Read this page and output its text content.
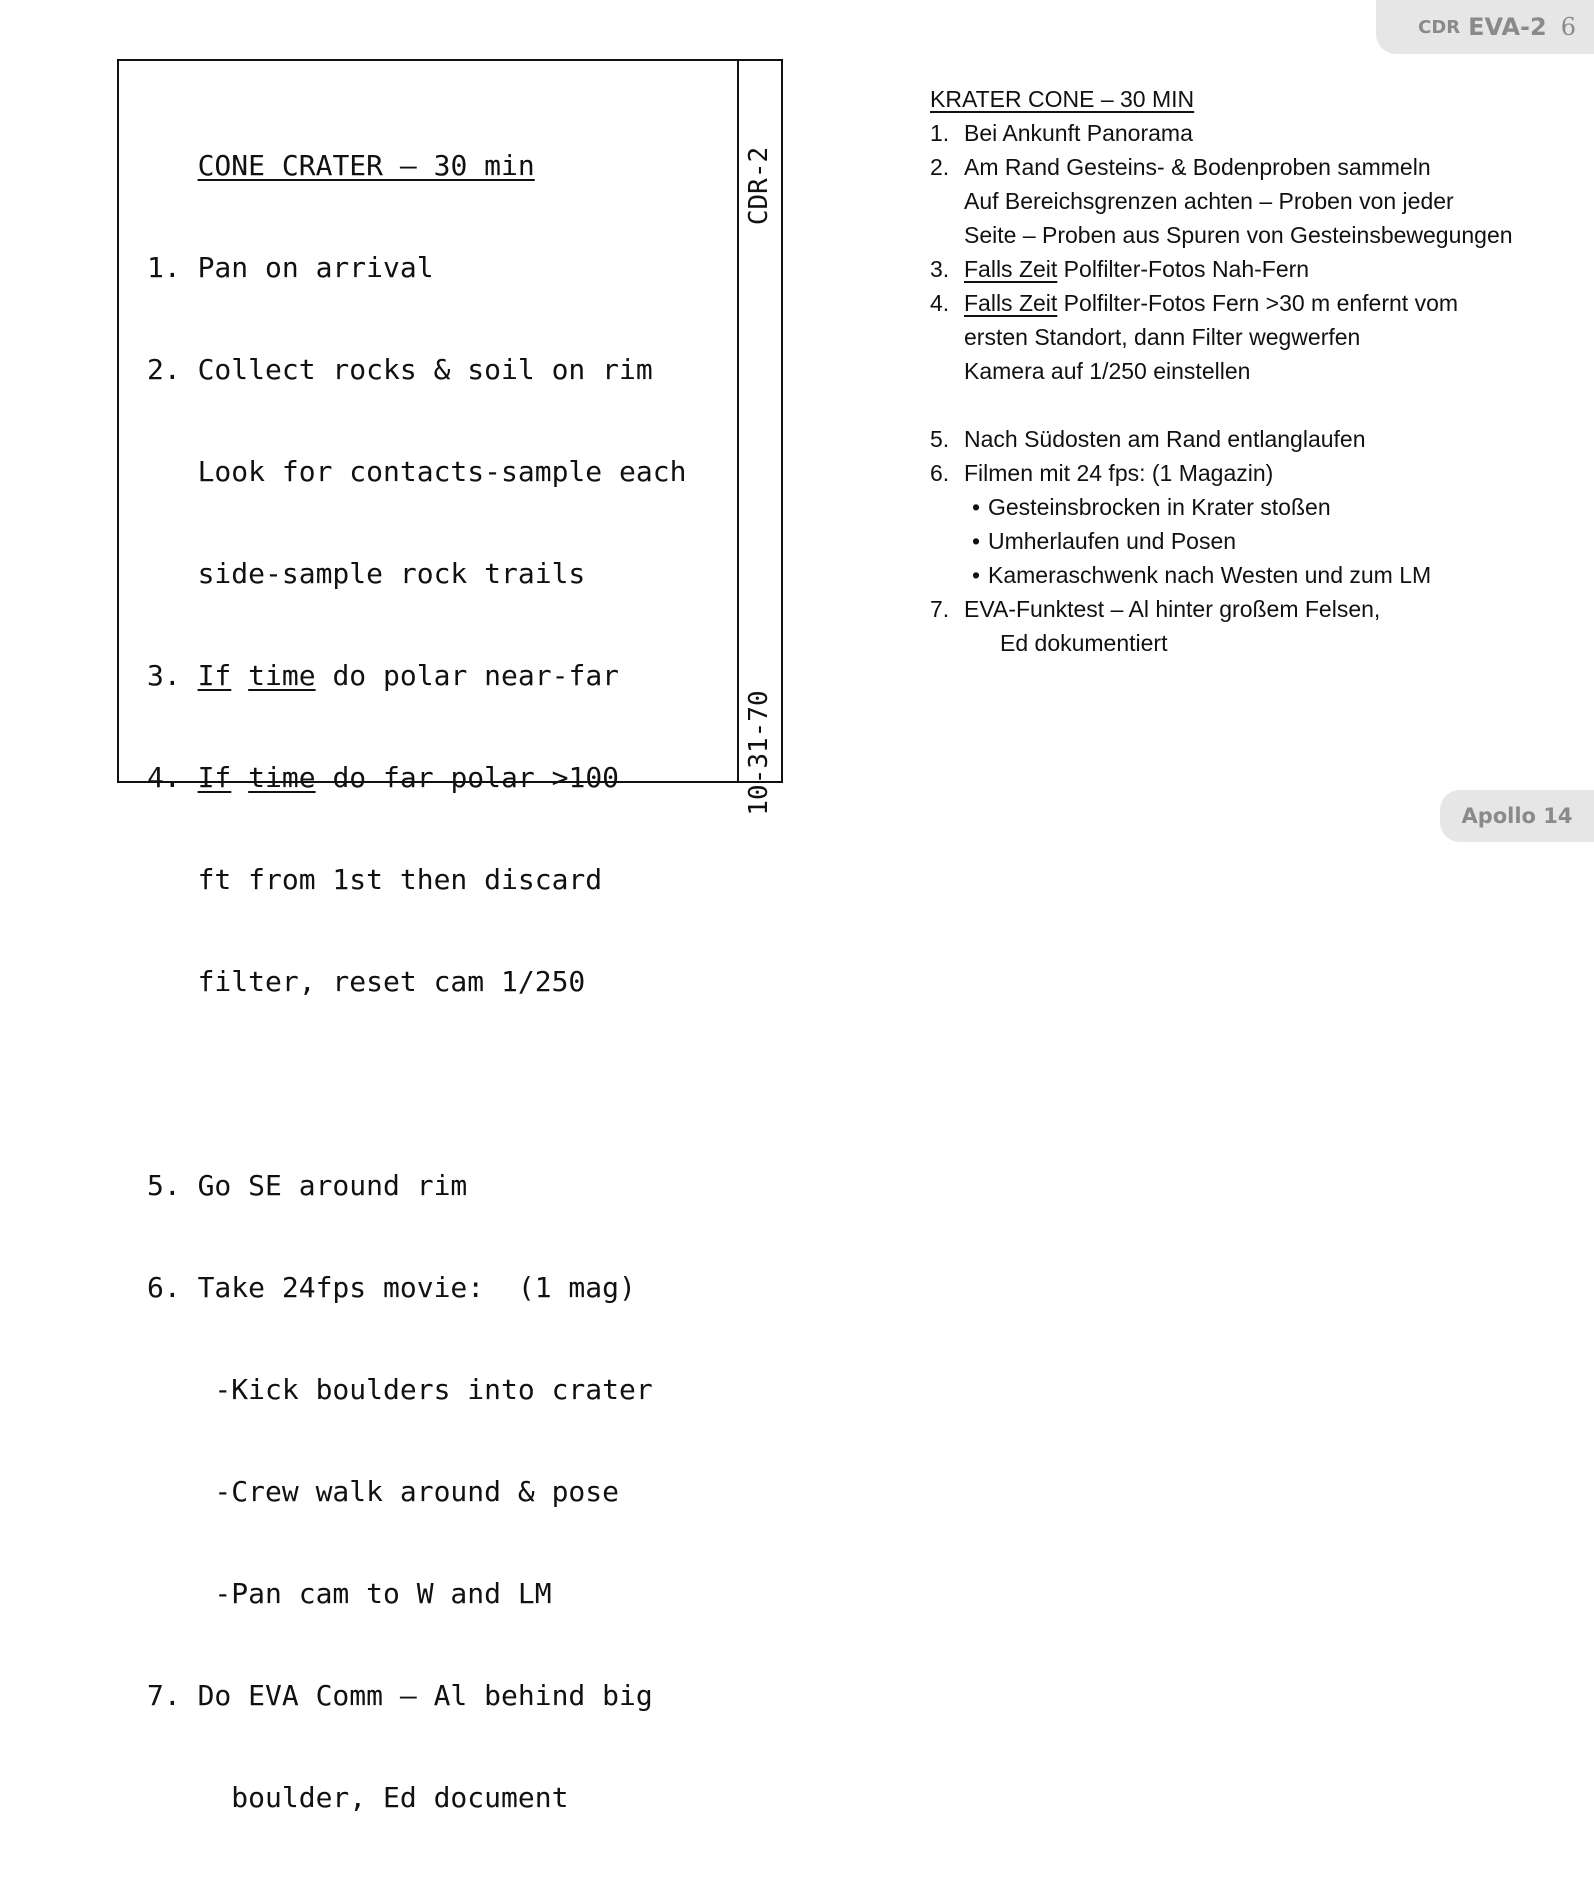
CDR EVA-2 6

CONE CRATER – 30 min

1. Pan on arrival

2. Collect rocks & soil on rim

Look for contacts-sample each

side-sample rock trails

3. If time do polar near-far

4. If time do far polar >100

ft from 1st then discard

filter, reset cam 1/250

5. Go SE around rim

6. Take 24fps movie:  (1 mag)

-Kick boulders into crater

-Crew walk around & pose

-Pan cam to W and LM

7. Do EVA Comm – Al behind big

boulder, Ed document

CDR-2
10-31-70
KRATER CONE – 30 MIN
1. Bei Ankunft Panorama
2. Am Rand Gesteins- & Bodenproben sammeln
Auf Bereichsgrenzen achten – Proben von jeder
Seite – Proben aus Spuren von Gesteinsbewegungen
3. Falls Zeit Polfilter-Fotos Nah-Fern
4. Falls Zeit Polfilter-Fotos Fern >30 m enfernt vom
ersten Standort, dann Filter wegwerfen
Kamera auf 1/250 einstellen
5. Nach Südosten am Rand entlanglaufen
6. Filmen mit 24 fps: (1 Magazin)
• Gesteinsbrocken in Krater stoßen
• Umherlaufen und Posen
• Kameraschwenk nach Westen und zum LM
7. EVA-Funktest – Al hinter großem Felsen,
Ed dokumentiert
Apollo 14
